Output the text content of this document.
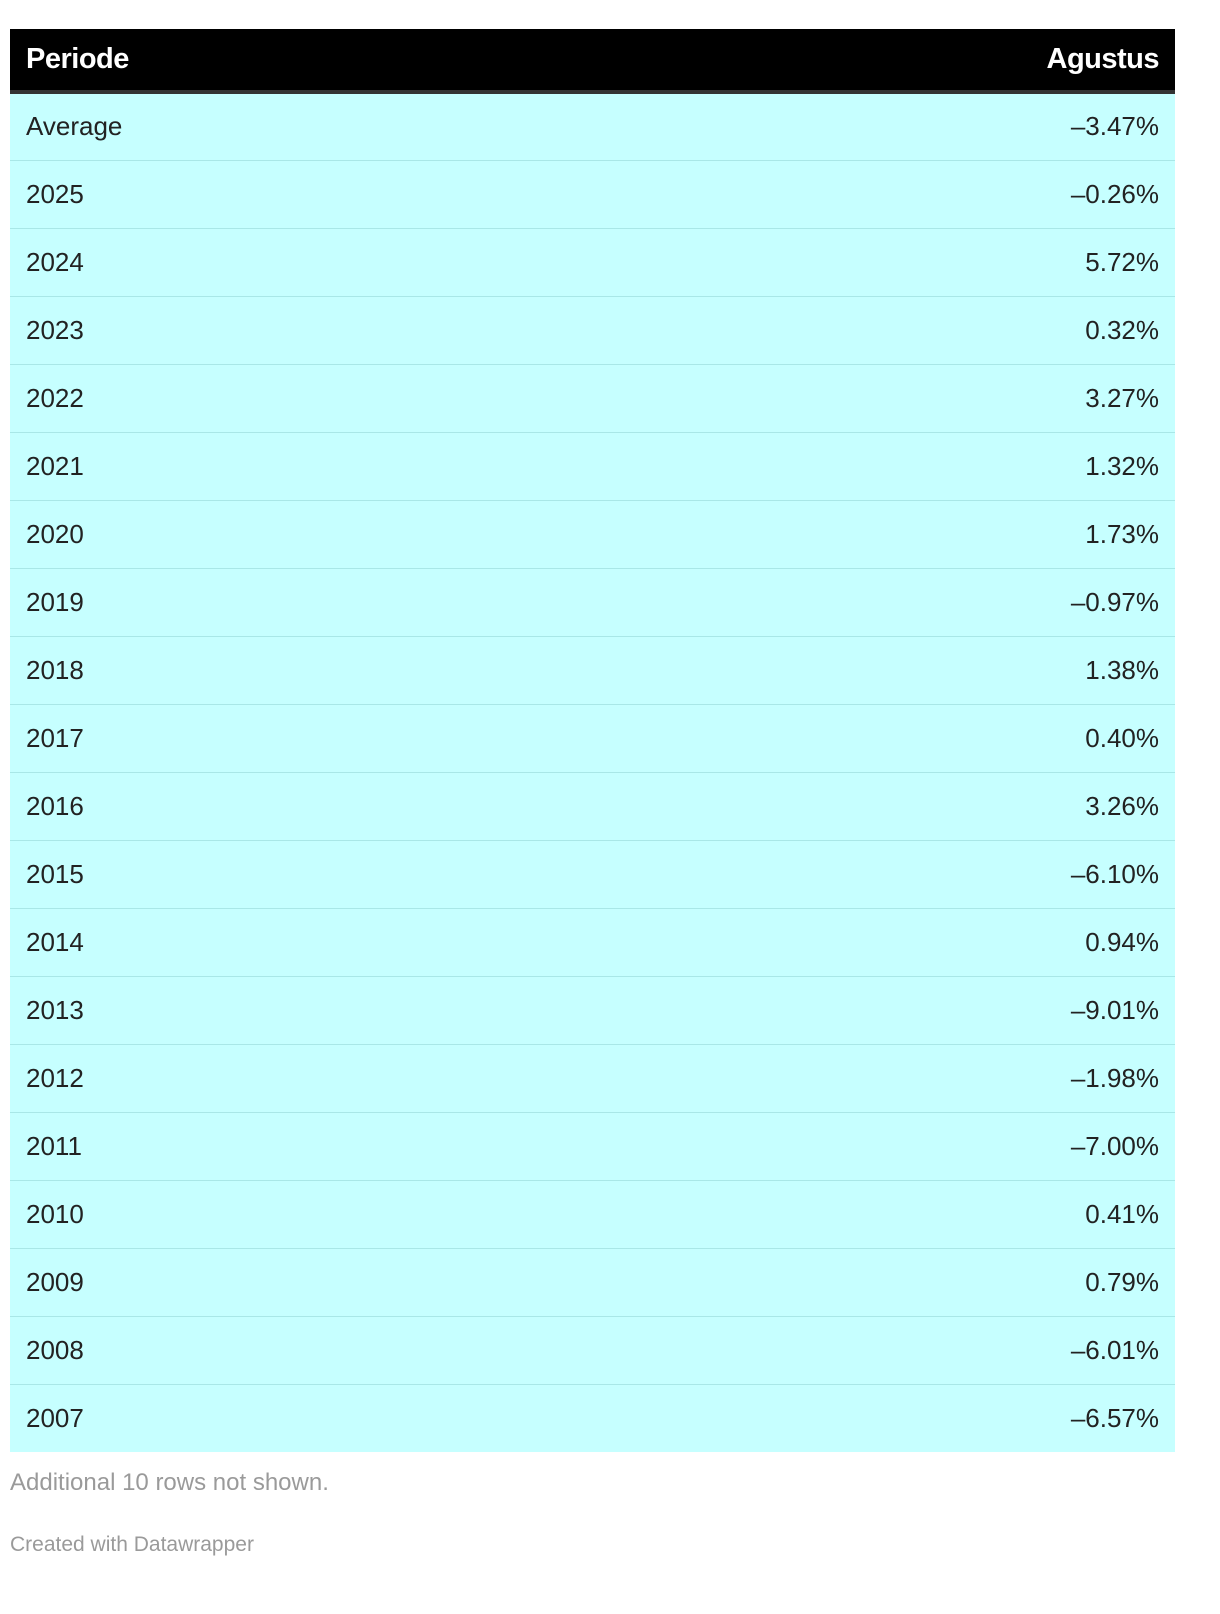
Periode	Agustus
Average	–3.47%
2025	–0.26%
2024	5.72%
2023	0.32%
2022	3.27%
2021	1.32%
2020	1.73%
2019	–0.97%
2018	1.38%
2017	0.40%
2016	3.26%
2015	–6.10%
2014	0.94%
2013	–9.01%
2012	–1.98%
2011	–7.00%
2010	0.41%
2009	0.79%
2008	–6.01%
2007	–6.57%
Additional 10 rows not shown.
Created with Datawrapper
